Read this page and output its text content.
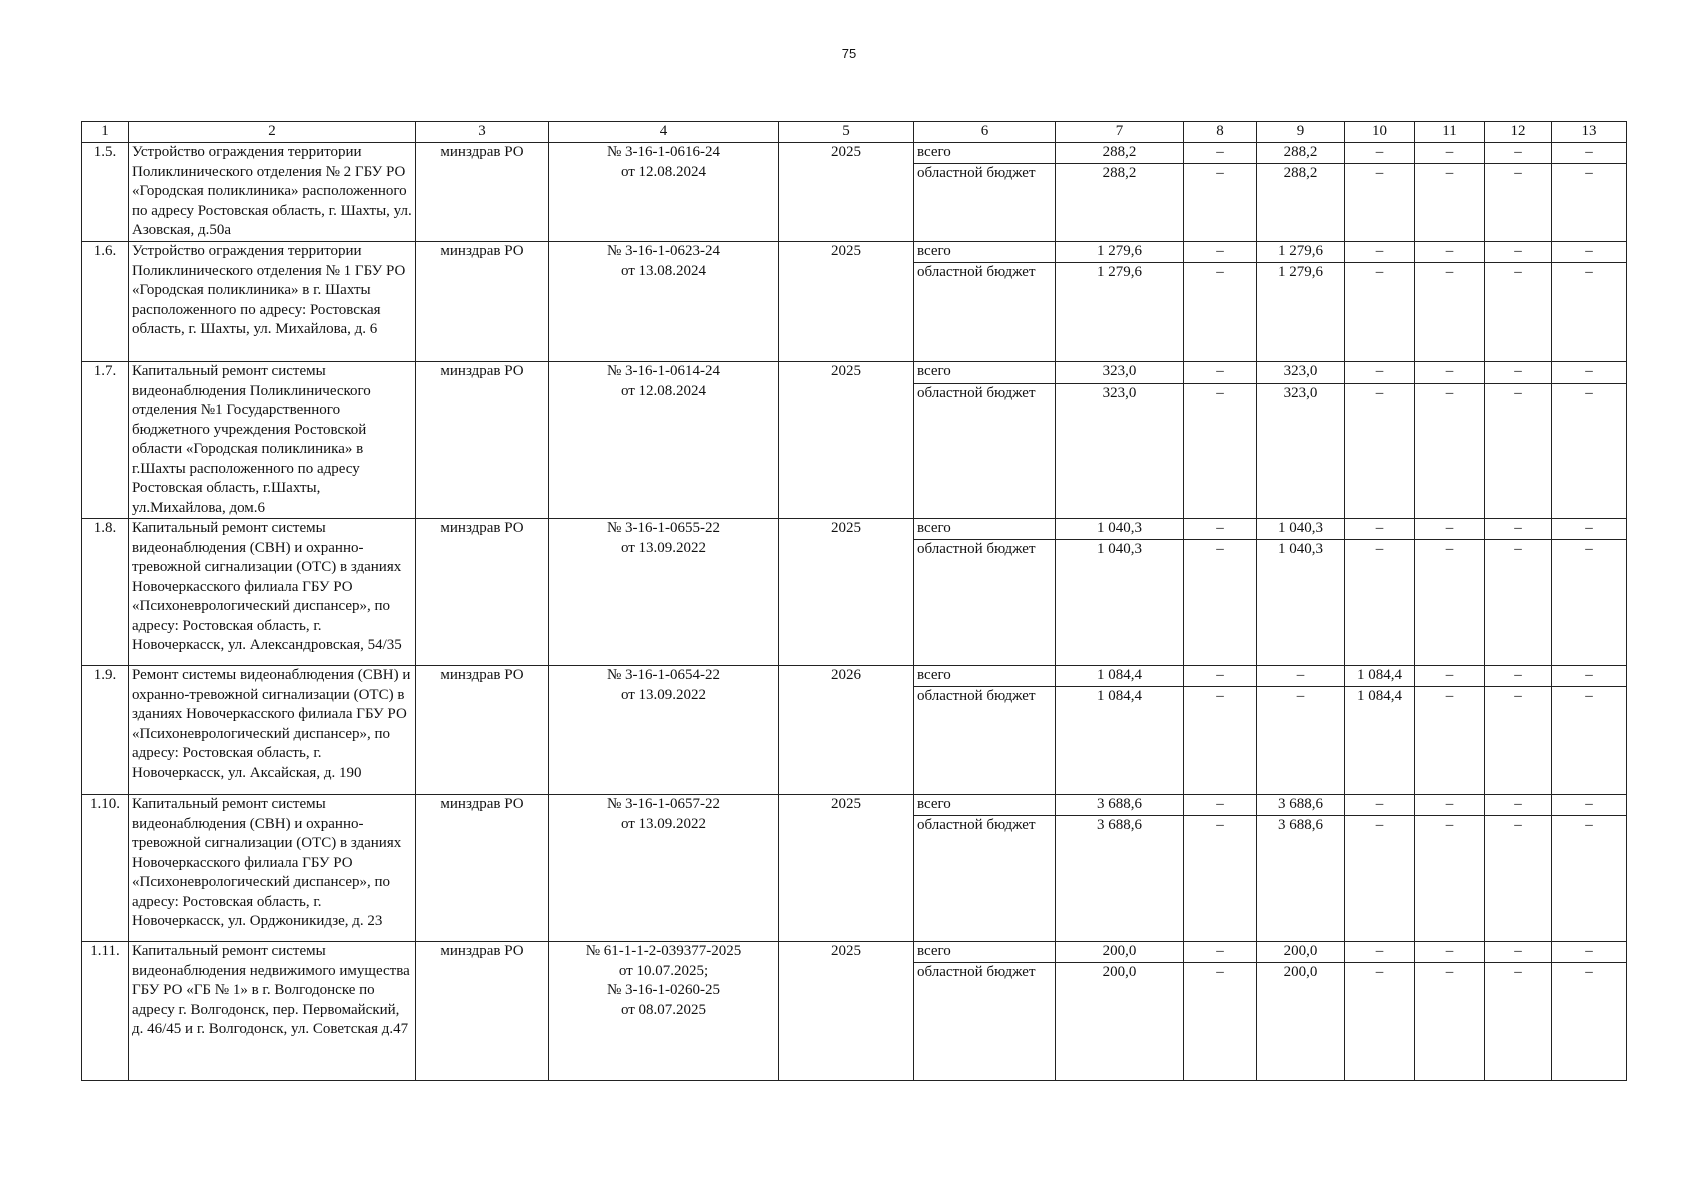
75
1	2	3	4	5	6	7	8	9	10	11	12	13
1.5.	Устройство ограждения территории Поликлинического отделения № 2 ГБУ РО «Городская поликлиника» расположенного по адресу Ростовская область, г. Шахты, ул. Азовская, д.50а	минздрав РО	№ 3-16-1-0616-24
от 12.08.2024	2025	всего	288,2	–	288,2	–	–	–	–
					областной бюджет	288,2	–	288,2	–	–	–	–
1.6.	Устройство ограждения территории Поликлинического отделения № 1 ГБУ РО «Городская поликлиника» в г. Шахты расположенного по адресу: Ростовская область, г. Шахты, ул. Михайлова, д. 6	минздрав РО	№ 3-16-1-0623-24
от 13.08.2024	2025	всего	1 279,6	–	1 279,6	–	–	–	–
					областной бюджет	1 279,6	–	1 279,6	–	–	–	–
1.7.	Капитальный ремонт системы видеонаблюдения Поликлинического отделения №1 Государственного бюджетного учреждения Ростовской области «Городская поликлиника» в г.Шахты расположенного по адресу Ростовская область, г.Шахты, ул.Михайлова, дом.6	минздрав РО	№ 3-16-1-0614-24
от 12.08.2024	2025	всего	323,0	–	323,0	–	–	–	–
					областной бюджет	323,0	–	323,0	–	–	–	–
1.8.	Капитальный ремонт системы видеонаблюдения (СВН) и охранно-тревожной сигнализации (ОТС) в зданиях Новочеркасского филиала ГБУ РО «Психоневрологический диспансер», по адресу: Ростовская область, г. Новочеркасск, ул. Александровская, 54/35	минздрав РО	№ 3-16-1-0655-22
от 13.09.2022	2025	всего	1 040,3	–	1 040,3	–	–	–	–
					областной бюджет	1 040,3	–	1 040,3	–	–	–	–
1.9.	Ремонт системы видеонаблюдения (СВН) и охранно-тревожной сигнализации (ОТС) в зданиях Новочеркасского филиала ГБУ РО «Психоневрологический диспансер», по адресу: Ростовская область, г. Новочеркасск, ул. Аксайская, д. 190	минздрав РО	№ 3-16-1-0654-22
от 13.09.2022	2026	всего	1 084,4	–	–	1 084,4	–	–	–
					областной бюджет	1 084,4	–	–	1 084,4	–	–	–
1.10.	Капитальный ремонт системы видеонаблюдения (СВН) и охранно-тревожной сигнализации (ОТС) в зданиях Новочеркасского филиала ГБУ РО «Психоневрологический диспансер», по адресу: Ростовская область, г. Новочеркасск, ул. Орджоникидзе, д. 23	минздрав РО	№ 3-16-1-0657-22
от 13.09.2022	2025	всего	3 688,6	–	3 688,6	–	–	–	–
					областной бюджет	3 688,6	–	3 688,6	–	–	–	–
1.11.	Капитальный ремонт системы видеонаблюдения недвижимого имущества ГБУ РО «ГБ № 1» в г. Волгодонске по адресу г. Волгодонск, пер. Первомайский, д. 46/45 и г. Волгодонск, ул. Советская д.47	минздрав РО	№ 61-1-1-2-039377-2025
от 10.07.2025;
№ 3-16-1-0260-25
от 08.07.2025	2025	всего	200,0	–	200,0	–	–	–	–
					областной бюджет	200,0	–	200,0	–	–	–	–
